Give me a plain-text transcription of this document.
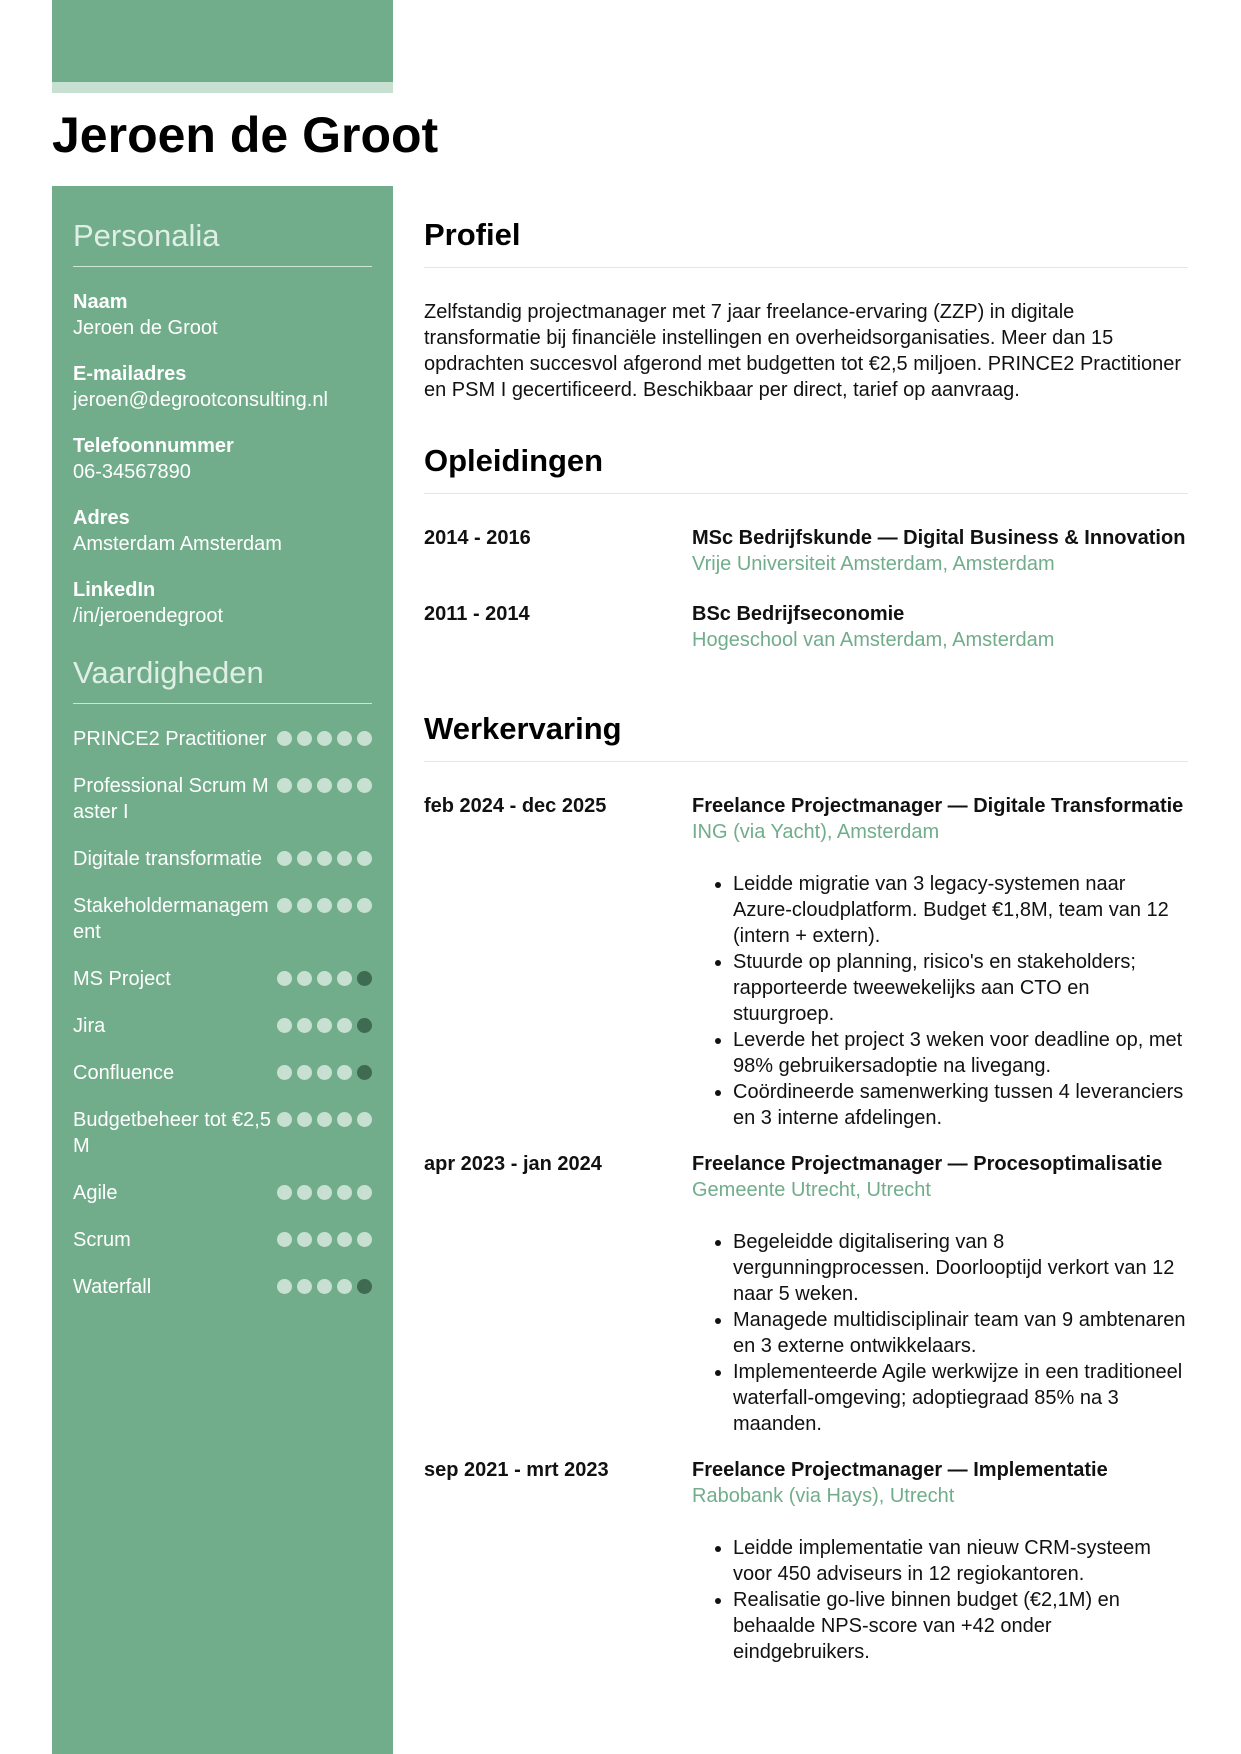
Jeroen de Groot
Personalia
Naam
Jeroen de Groot
E-mailadres
jeroen@degrootconsulting.nl
Telefoonnummer
06-34567890
Adres
Amsterdam Amsterdam
LinkedIn
/in/jeroendegroot
Vaardigheden
PRINCE2 Practitioner
Professional Scrum Master I
Digitale transformatie
Stakeholdermanagement
MS Project
Jira
Confluence
Budgetbeheer tot €2,5M
Agile
Scrum
Waterfall
Profiel

Zelfstandig projectmanager met 7 jaar freelance-ervaring (ZZP) in digitale transformatie bij financiële instellingen en overheidsorganisaties. Meer dan 15 opdrachten succesvol afgerond met budgetten tot €2,5 miljoen. PRINCE2 Practitioner en PSM I gecertificeerd. Beschikbaar per direct, tarief op aanvraag.

Opleidingen
2014 - 2016	MSc Bedrijfskunde — Digital Business & Innovation
Vrije Universiteit Amsterdam, Amsterdam
2011 - 2014	BSc Bedrijfseconomie
Hogeschool van Amsterdam, Amsterdam
Werkervaring
feb 2024 - dec 2025	Freelance Projectmanager — Digitale Transformatie
ING (via Yacht), Amsterdam
• Leidde migratie van 3 legacy-systemen naar Azure-cloudplatform. Budget €1,8M, team van 12 (intern + extern).
• Stuurde op planning, risico's en stakeholders; rapporteerde tweewekelijks aan CTO en stuurgroep.
• Leverde het project 3 weken voor deadline op, met 98% gebruikersadoptie na livegang.
• Coördineerde samenwerking tussen 4 leveranciers en 3 interne afdelingen.
apr 2023 - jan 2024	Freelance Projectmanager — Procesoptimalisatie
Gemeente Utrecht, Utrecht
• Begeleidde digitalisering van 8 vergunningprocessen. Doorlooptijd verkort van 12 naar 5 weken.
• Managede multidisciplinair team van 9 ambtenaren en 3 externe ontwikkelaars.
• Implementeerde Agile werkwijze in een traditioneel waterfall-omgeving; adoptiegraad 85% na 3 maanden.
sep 2021 - mrt 2023	Freelance Projectmanager — Implementatie
Rabobank (via Hays), Utrecht
• Leidde implementatie van nieuw CRM-systeem voor 450 adviseurs in 12 regiokantoren.
• Realisatie go-live binnen budget (€2,1M) en behaalde NPS-score van +42 onder eindgebruikers.
